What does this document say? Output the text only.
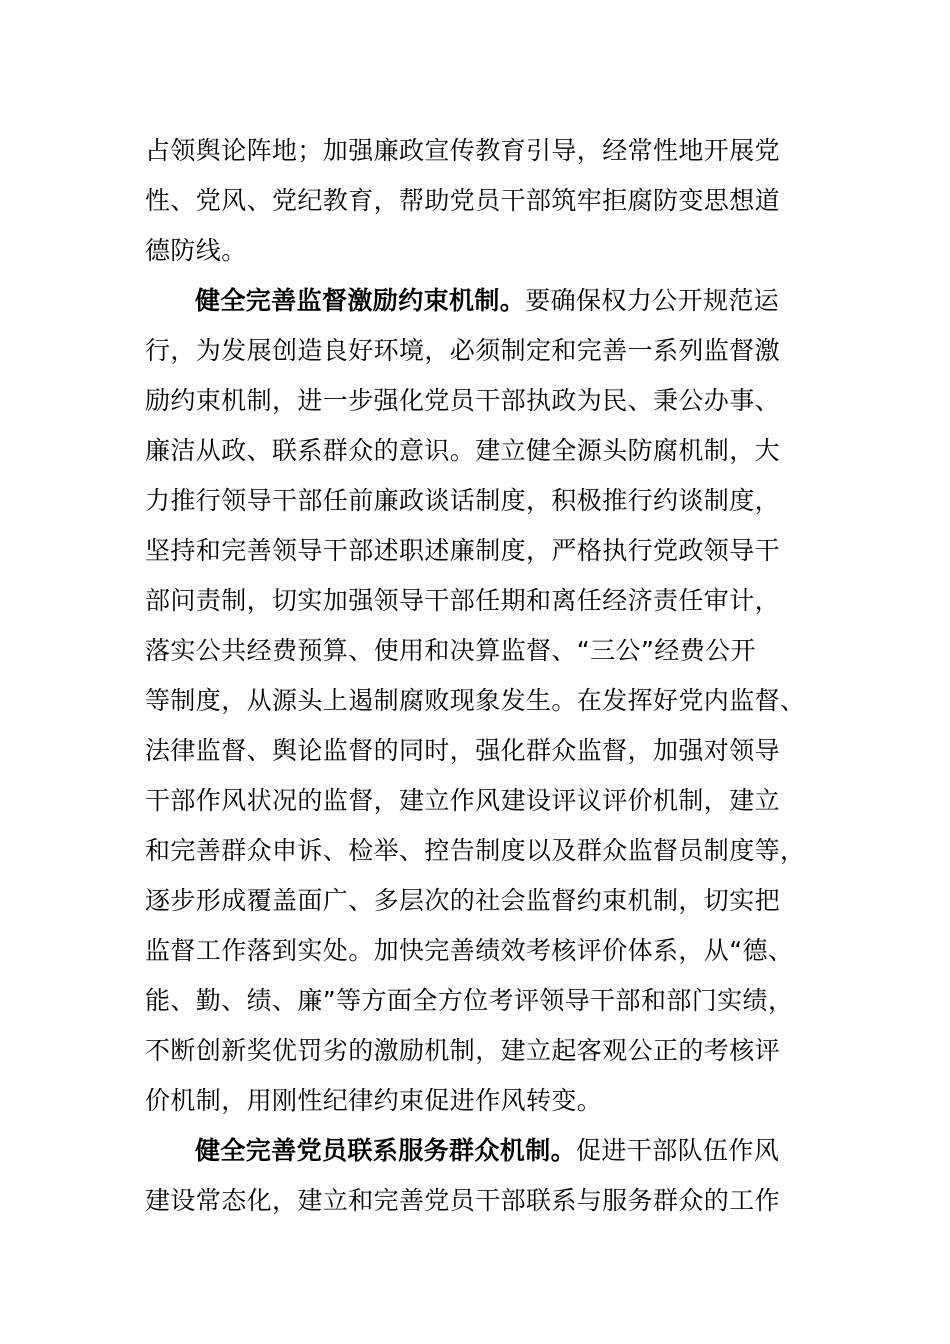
占领舆论阵地；加强廉政宣传教育引导，经常性地开展党
性、党风、党纪教育，帮助党员干部筑牢拒腐防变思想道
德防线。
健全完善监督激励约束机制。要确保权力公开规范运
行，为发展创造良好环境，必须制定和完善一系列监督激
励约束机制，进一步强化党员干部执政为民、秉公办事、
廉洁从政、联系群众的意识。建立健全源头防腐机制，大
力推行领导干部任前廉政谈话制度，积极推行约谈制度，
坚持和完善领导干部述职述廉制度，严格执行党政领导干
部问责制，切实加强领导干部任期和离任经济责任审计，
落实公共经费预算、使用和决算监督、“三公”经费公开
等制度，从源头上遏制腐败现象发生。在发挥好党内监督、
法律监督、舆论监督的同时，强化群众监督，加强对领导
干部作风状况的监督，建立作风建设评议评价机制，建立
和完善群众申诉、检举、控告制度以及群众监督员制度等，
逐步形成覆盖面广、多层次的社会监督约束机制，切实把
监督工作落到实处。加快完善绩效考核评价体系，从“德、
能、勤、绩、廉”等方面全方位考评领导干部和部门实绩，
不断创新奖优罚劣的激励机制，建立起客观公正的考核评
价机制，用刚性纪律约束促进作风转变。
健全完善党员联系服务群众机制。促进干部队伍作风
建设常态化，建立和完善党员干部联系与服务群众的工作
